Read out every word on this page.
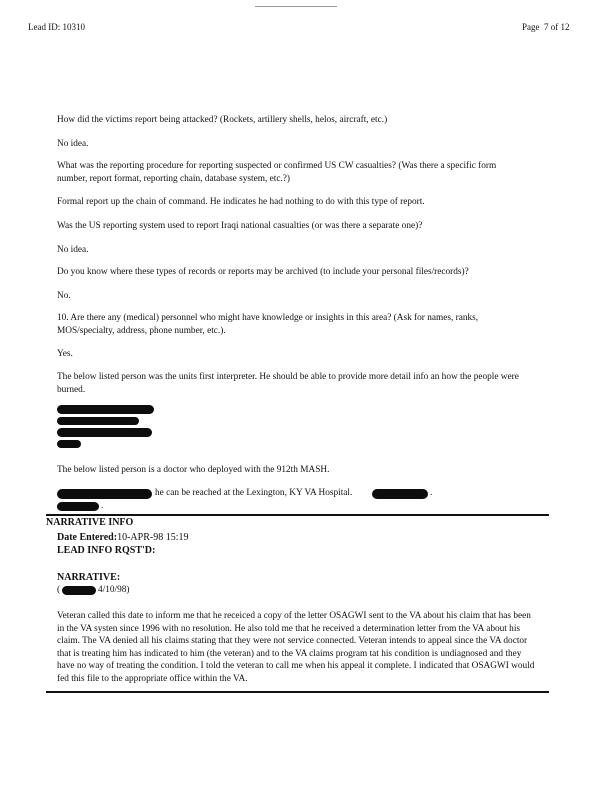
Lead ID: 10310	Page 7 of 12
How did the victims report being attacked? (Rockets, artillery shells, helos, aircraft, etc.)
No idea.
What was the reporting procedure for reporting suspected or confirmed US CW casualties? (Was there a specific form number, report format, reporting chain, database system, etc.?)
Formal report up the chain of command. He indicates he had nothing to do with this type of report.
Was the US reporting system used to report Iraqi national casualties (or was there a separate one)?
No idea.
Do you know where these types of records or reports may be archived (to include your personal files/records)?
No.
10. Are there any (medical) personnel who might have knowledge or insights in this area? (Ask for names, ranks, MOS/specialty, address, phone number, etc.).
Yes.
The below listed person was the units first interpreter. He should be able to provide more detail info an how the people were burned.
The below listed person is a doctor who deployed with the 912th MASH.
he can be reached at the Lexington, KY VA Hospital.	.
.
NARRATIVE INFO
Date Entered:10-APR-98 15:19
LEAD INFO RQST'D:
NARRATIVE:
(	4/10/98)
Veteran called this date to inform me that he receiced a copy of the letter OSAGWI sent to the VA about his claim that has been in the VA systen since 1996 with no resolution. He also told me that he received a determination letter from the VA about his claim. The VA denied all his claims stating that they were not service connected. Veteran intends to appeal since the VA doctor that is treating him has indicated to him (the veteran) and to the VA claims program tat his condition is undiagnosed and they have no way of treating the condition. I told the veteran to call me when his appeal it complete. I indicated that OSAGWI would fed this file to the appropriate office within the VA.
